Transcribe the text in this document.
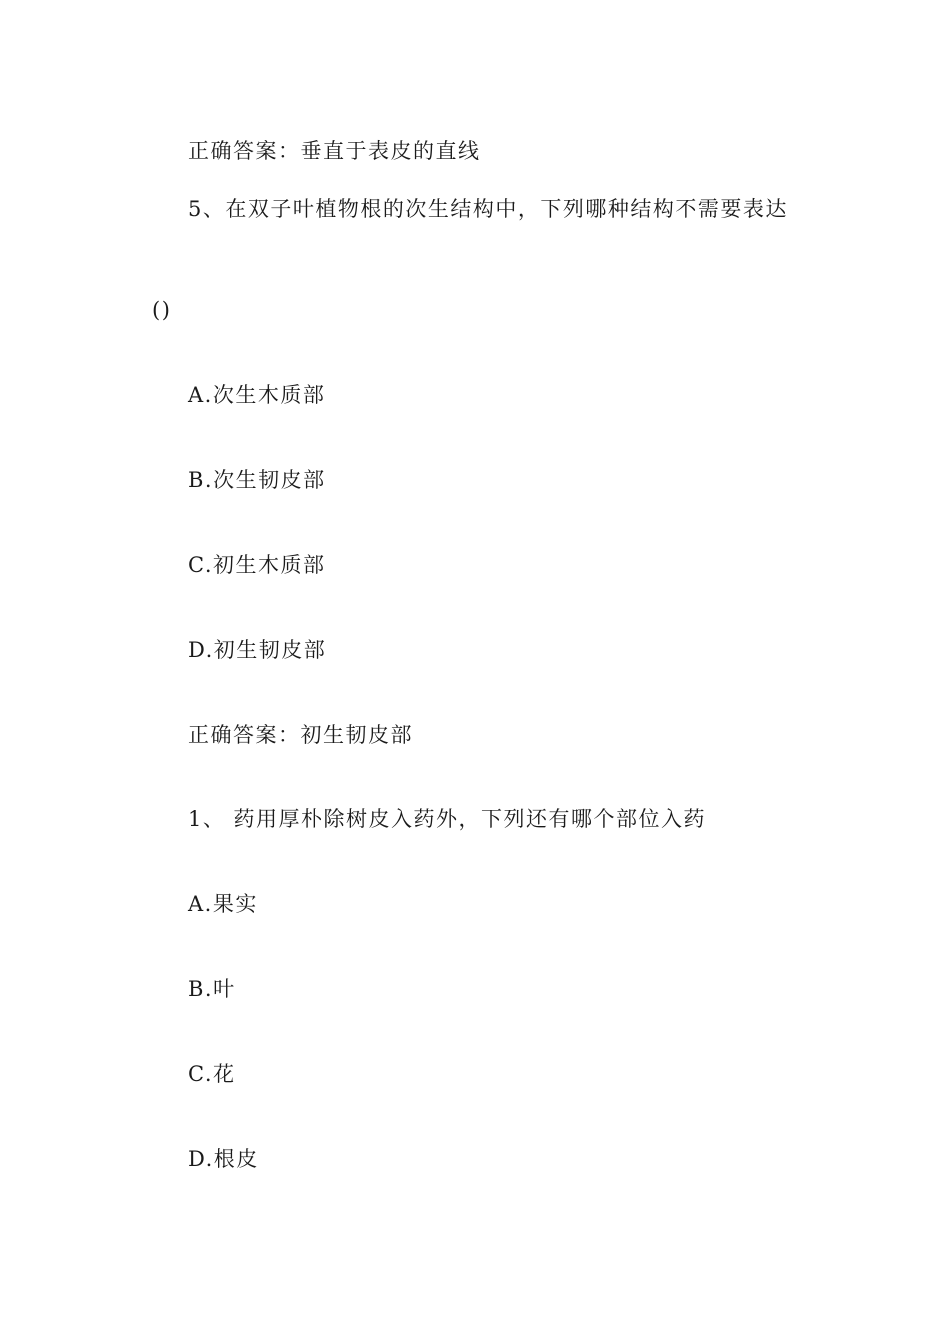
正确答案：垂直于表皮的直线
5、在双子叶植物根的次生结构中，下列哪种结构不需要表达
()
A.次生木质部
B.次生韧皮部
C.初生木质部
D.初生韧皮部
正确答案：初生韧皮部
1、 药用厚朴除树皮入药外，下列还有哪个部位入药
A.果实
B.叶
C.花
D.根皮
